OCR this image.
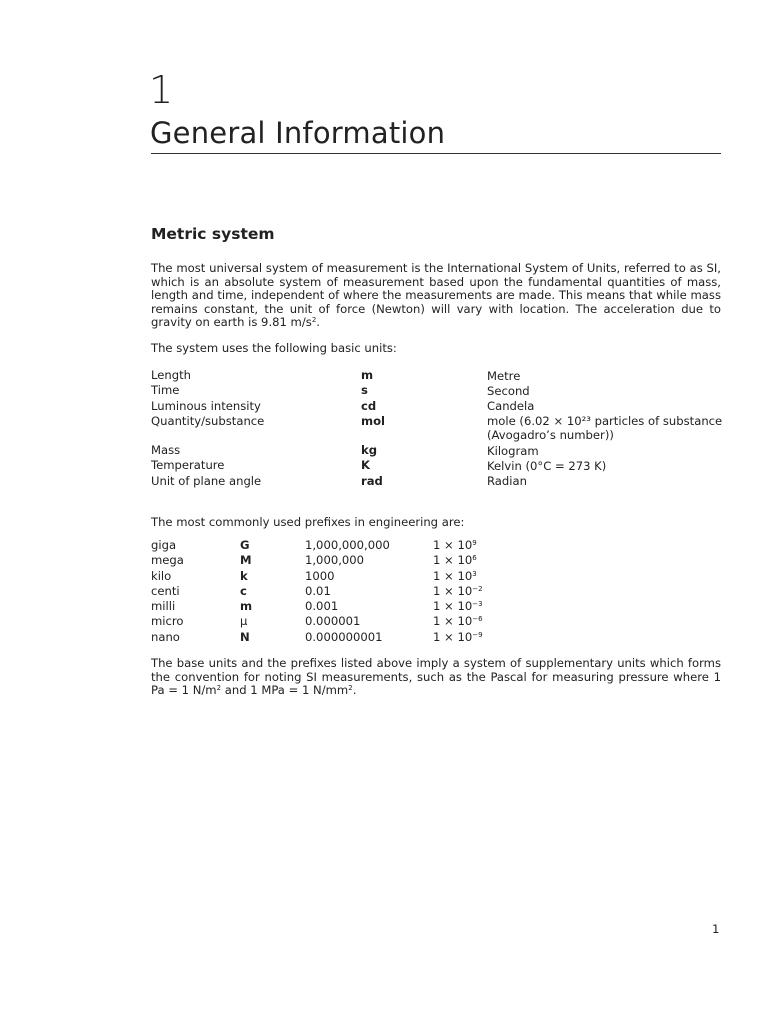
1
General Information
Metric system

The most universal system of measurement is the International System of Units, referred to as SI, which is an absolute system of measurement based upon the fundamental quantities of mass, length and time, independent of where the measurements are made. This means that while mass remains constant, the unit of force (Newton) will vary with location. The acceleration due to gravity on earth is 9.81 $m/s^2$.

The system uses the following basic units:

Length	m	Metre
Time	s	Second
Luminous intensity	cd	Candela
Quantity/substance	mol	mole (6.02 × 10²³ particles of substance (Avogadro’s number))
Mass	kg	Kilogram
Temperature	K	Kelvin (0°C = 273 K)
Unit of plane angle	rad	Radian

The most commonly used prefixes in engineering are:

giga	G	1,000,000,000	$1 \times 10^9$
mega	M	1,000,000	$1 \times 10^6$
kilo	k	1000	$1 \times 10^3$
centi	c	0.01	$1 \times 10^{-2}$
milli	m	0.001	$1 \times 10^{-3}$
micro	µ	0.000001	$1 \times 10^{-6}$
nano	N	0.000000001	$1 \times 10^{-9}$

The base units and the prefixes listed above imply a system of supplementary units which forms the convention for noting SI measurements, such as the Pascal for measuring pressure where 1 Pa = 1 $N/m^2$ and 1 MPa = 1 $N/mm^2$.

1
